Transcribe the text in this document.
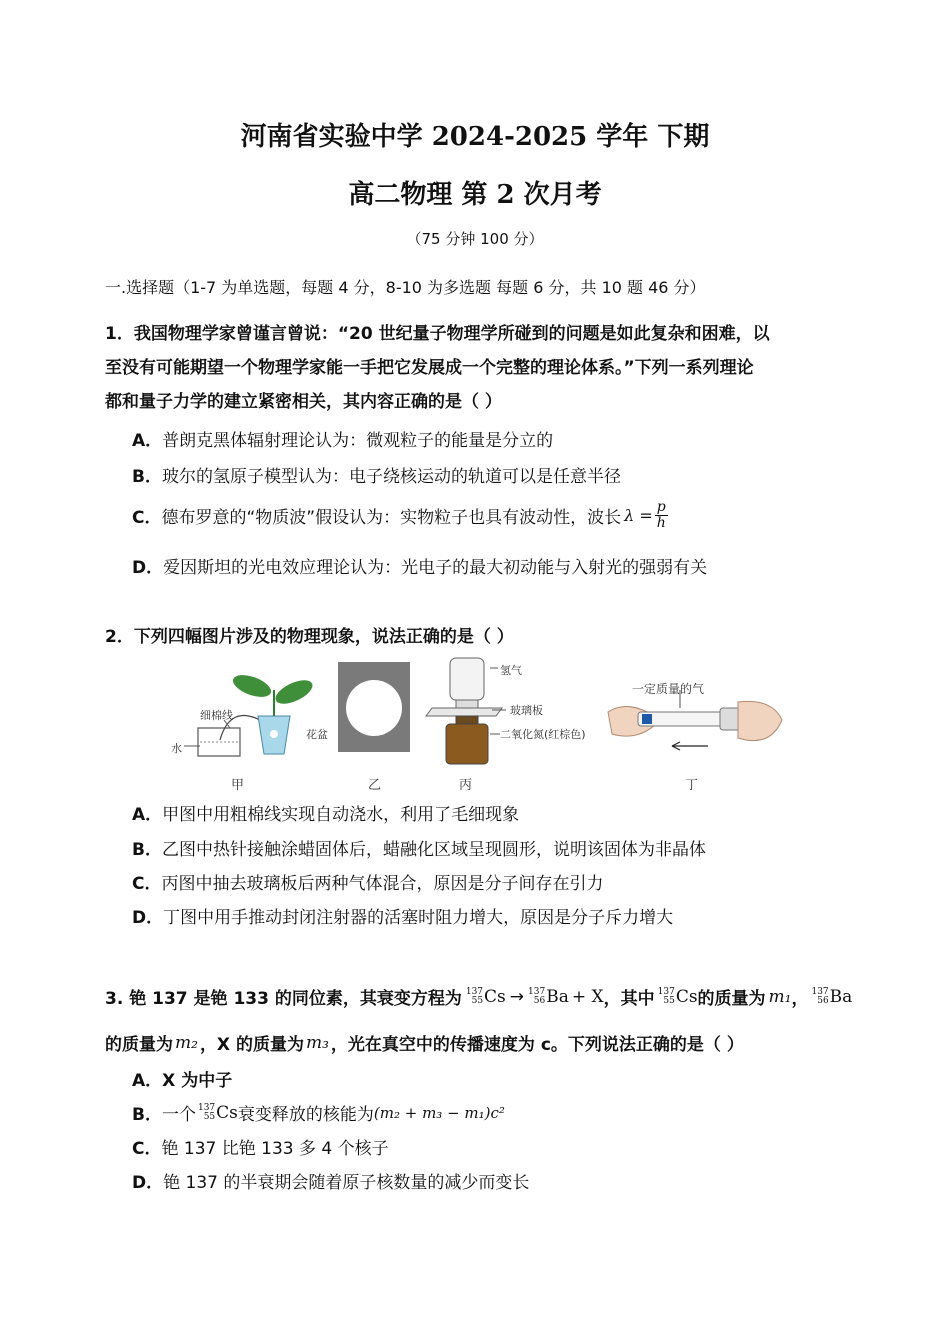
河南省实验中学 2024-2025 学年 下期
高二物理 第 2 次月考
（75 分钟 100 分）
一.选择题（1-7 为单选题，每题 4 分，8-10 为多选题 每题 6 分，共 10 题 46 分）
1．我国物理学家曾谨言曾说：“20 世纪量子物理学所碰到的问题是如此复杂和困难，以
至没有可能期望一个物理学家能一手把它发展成一个完整的理论体系。”下列一系列理论
都和量子力学的建立紧密相关，其内容正确的是（ ）
A．普朗克黑体辐射理论认为：微观粒子的能量是分立的
B．玻尔的氢原子模型认为：电子绕核运动的轨道可以是任意半径
C． 德布罗意的“物质波”假设认为：实物粒子也具有波动性，波长 $\lambda = \frac{p}{h}$
D．爱因斯坦的光电效应理论认为：光电子的最大初动能与入射光的强弱有关
2．下列四幅图片涉及的物理现象，说法正确的是（ ）
细棉线
水
花盆
氢气
玻璃板
二氧化氮(红棕色)
一定质量的气
甲	乙	丙	丁
A．甲图中用粗棉线实现自动浇水，利用了毛细现象
B．乙图中热针接触涂蜡固体后，蜡融化区域呈现圆形，说明该固体为非晶体
C．丙图中抽去玻璃板后两种气体混合，原因是分子间存在引力
D．丁图中用手推动封闭注射器的活塞时阻力增大，原因是分子斥力增大
3. 铯 137 是铯 133 的同位素，其衰变方程为 137
55 Cs → 137
56 Ba + X ，其中 137
55 Cs 的质量为 m₁ ， 137
56 Ba
的质量为 m₂ ，X 的质量为 m₃ ，光在真空中的传播速度为 c。下列说法正确的是（ ）
A．X 为中子
B． 一个 137
55 Cs 衰变释放的核能为 (m₂ + m₃ − m₁)c²
C．铯 137 比铯 133 多 4 个核子
D．铯 137 的半衰期会随着原子核数量的减少而变长
